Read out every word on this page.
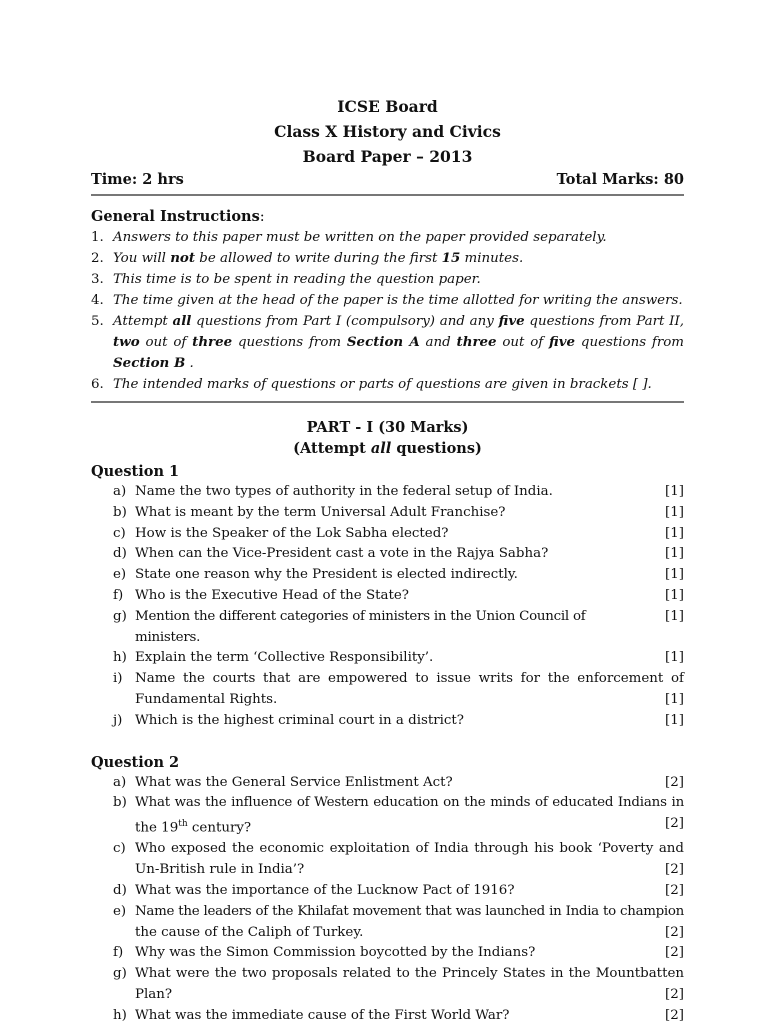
ICSE Board
Class X History and Civics
Board Paper – 2013
Time: 2 hrs	Total Marks: 80
General Instructions:
1. Answers to this paper must be written on the paper provided separately.
2. You will not be allowed to write during the first 15 minutes.
3. This time is to be spent in reading the question paper.
4. The time given at the head of the paper is the time allotted for writing the answers.
5. Attempt all questions from Part I (compulsory) and any five questions from Part II, two out of three questions from Section A and three out of five questions from Section B .
6. The intended marks of questions or parts of questions are given in brackets [ ].
PART - I (30 Marks)
(Attempt all questions)
Question 1
a) Name the two types of authority in the federal setup of India.	[1]
b) What is meant by the term Universal Adult Franchise?	[1]
c) How is the Speaker of the Lok Sabha elected?	[1]
d) When can the Vice-President cast a vote in the Rajya Sabha?	[1]
e) State one reason why the President is elected indirectly.	[1]
f) Who is the Executive Head of the State?	[1]
g) Mention the different categories of ministers in the Union Council of ministers.
[1]
h) Explain the term ‘Collective Responsibility’.	[1]
i) Name the courts that are empowered to issue writs for the enforcement of
Fundamental Rights.	[1]
j) Which is the highest criminal court in a district?	[1]
Question 2
a) What was the General Service Enlistment Act?	[2]
b) What was the influence of Western education on the minds of educated Indians in
the 19th century?	[2]
c) Who exposed the economic exploitation of India through his book ‘Poverty and
Un-British rule in India’?	[2]
d) What was the importance of the Lucknow Pact of 1916?	[2]
e) Name the leaders of the Khilafat movement that was launched in India to champion
the cause of the Caliph of Turkey.	[2]
f) Why was the Simon Commission boycotted by the Indians?	[2]
g) What were the two proposals related to the Princely States in the Mountbatten
Plan?	[2]
h) What was the immediate cause of the First World War?	[2]
